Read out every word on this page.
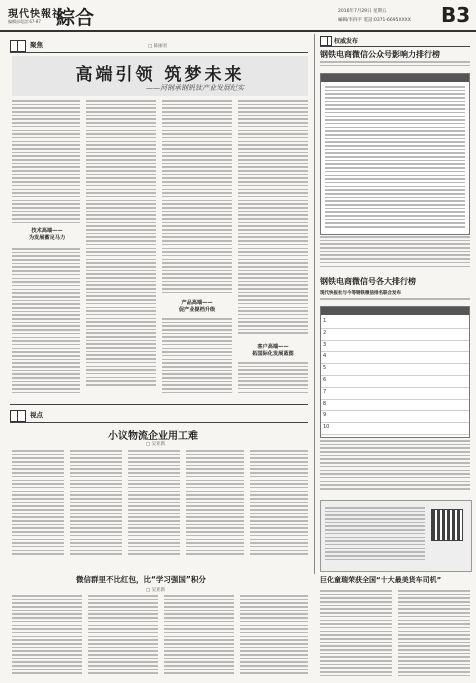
現代快報社
編輯部電話:67-87 綜合	2016年7月29日 星期五
編輯/李四平 電話:0371-6695XXXX B3
聚焦	□ 陈丽君
高端引领 筑梦未来
——河钢承钢钒钛产业发展纪实
技术高端——
为发展蓄足马力
产品高端——
促产业提档升级
客户高端——
拓国际化发展蓝图
权威发布
钢铁电商微信公众号影响力排行榜
钢铁电商微信号各大排行榜
现代快报社与今等钢铁微信排名联合发布
1
2
3
4
5
6
7
8
9
10
视点
小议物流企业用工难
□ 吴亚新
微信群里不比红包，比“学习强国”积分
□ 吴亚新
巨化童瑞荣获全国“十大最美货车司机”
